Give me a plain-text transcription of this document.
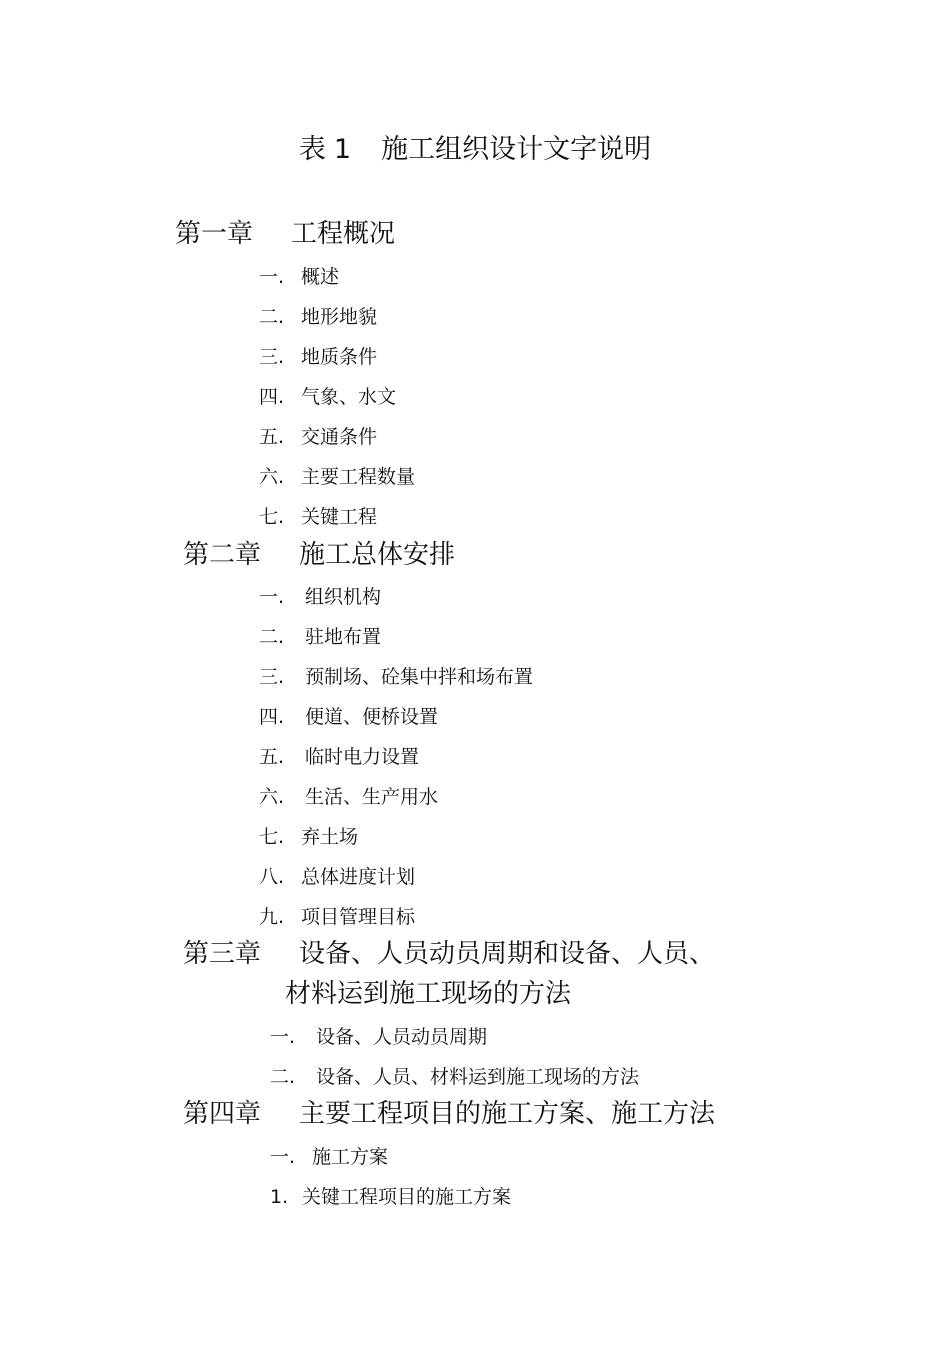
表 1 施工组织设计文字说明
第一章 工程概况
一. 概述
二. 地形地貌
三. 地质条件
四. 气象、水文
五. 交通条件
六. 主要工程数量
七. 关键工程
第二章 施工总体安排
一. 组织机构
二. 驻地布置
三. 预制场、砼集中拌和场布置
四. 便道、便桥设置
五. 临时电力设置
六. 生活、生产用水
七. 弃土场
八. 总体进度计划
九. 项目管理目标
第三章 设备、人员动员周期和设备、人员、
材料运到施工现场的方法
一. 设备、人员动员周期
二. 设备、人员、材料运到施工现场的方法
第四章 主要工程项目的施工方案、施工方法
一. 施工方案
1. 关键工程项目的施工方案
